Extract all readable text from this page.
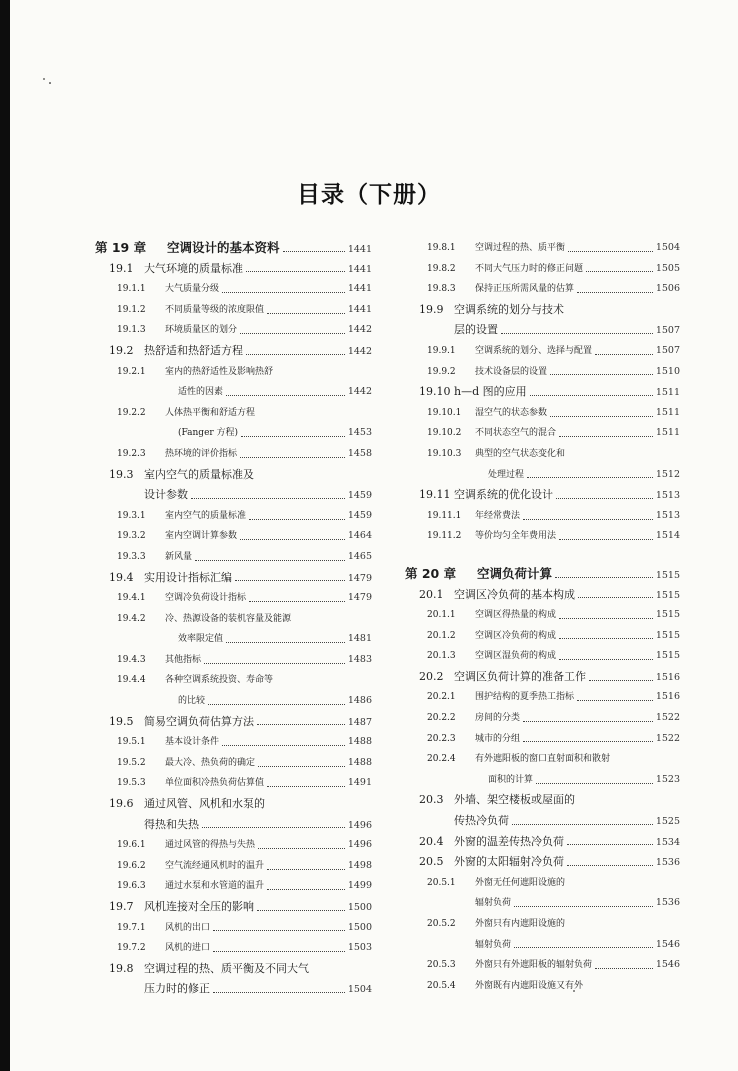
目录（下册）
第 19 章	空调设计的基本资料	1441
19.1 大气环境的质量标准	1441
19.1.1	大气质量分级	1441
19.1.2	不同质量等级的浓度限值	1441
19.1.3	环境质量区的划分	1442
19.2 热舒适和热舒适方程	1442
19.2.1	室内的热舒适性及影响热舒
适性的因素	1442
19.2.2	人体热平衡和舒适方程
(Fanger 方程)	1453
19.2.3	热环境的评价指标	1458
19.3 室内空气的质量标准及
设计参数	1459
19.3.1	室内空气的质量标准	1459
19.3.2	室内空调计算参数	1464
19.3.3	新风量	1465
19.4 实用设计指标汇编	1479
19.4.1	空调冷负荷设计指标	1479
19.4.2	冷、热源设备的装机容量及能源
效率限定值	1481
19.4.3	其他指标	1483
19.4.4	各种空调系统投资、寿命等
的比较	1486
19.5 简易空调负荷估算方法	1487
19.5.1	基本设计条件	1488
19.5.2	最大冷、热负荷的确定	1488
19.5.3	单位面积冷热负荷估算值	1491
19.6 通过风管、风机和水泵的
得热和失热	1496
19.6.1	通过风管的得热与失热	1496
19.6.2	空气流经通风机时的温升	1498
19.6.3	通过水泵和水管道的温升	1499
19.7 风机连接对全压的影响	1500
19.7.1	风机的出口	1500
19.7.2	风机的进口	1503
19.8 空调过程的热、质平衡及不同大气
压力时的修正	1504
19.8.1	空调过程的热、质平衡	1504
19.8.2	不同大气压力时的修正问题	1505
19.8.3	保持正压所需风量的估算	1506
19.9 空调系统的划分与技术
层的设置	1507
19.9.1	空调系统的划分、选择与配置	1507
19.9.2	技术设备层的设置	1510
19.10 h—d 图的应用	1511
19.10.1	湿空气的状态参数	1511
19.10.2	不同状态空气的混合	1511
19.10.3	典型的空气状态变化和
处理过程	1512
19.11 空调系统的优化设计	1513
19.11.1	年经常费法	1513
19.11.2	等价均匀全年费用法	1514
第 20 章	空调负荷计算	1515
20.1 空调区冷负荷的基本构成	1515
20.1.1	空调区得热量的构成	1515
20.1.2	空调区冷负荷的构成	1515
20.1.3	空调区湿负荷的构成	1515
20.2 空调区负荷计算的准备工作	1516
20.2.1	围护结构的夏季热工指标	1516
20.2.2	房间的分类	1522
20.2.3	城市的分组	1522
20.2.4	有外遮阳板的窗口直射面积和散射
面积的计算	1523
20.3 外墙、架空楼板或屋面的
传热冷负荷	1525
20.4 外窗的温差传热冷负荷	1534
20.5 外窗的太阳辐射冷负荷	1536
20.5.1	外窗无任何遮阳设施的
辐射负荷	1536
20.5.2	外窗只有内遮阳设施的
辐射负荷	1546
20.5.3	外窗只有外遮阳板的辐射负荷	1546
20.5.4	外窗既有内遮阳设施又有外
